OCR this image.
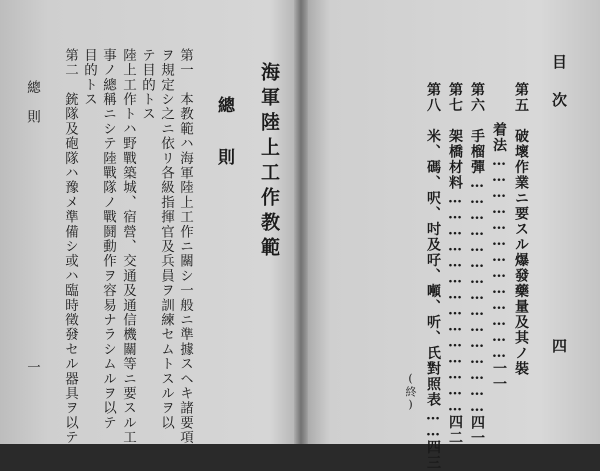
總　則
一 第二　銃隊及砲隊ハ豫メ準備シ或ハ臨時徵發セル器具ヲ以テ 目的トス 事ノ總稱ニシテ陸戰隊ノ戰鬪動作ヲ容易ナラシムルヲ以テ 陸上工作トハ野戰築城、宿營、交通及通信機關等ニ要スル工 テ目的トス ヲ規定シ之ニ依リ各級指揮官及兵員ヲ訓練セムトスルヲ以 第一　本教範ハ海軍陸上工作ニ關シ一般ニ準據スヘキ諸要項 總　則 海軍陸上工作教範	第八　米、碼、呎、吋及吇、噸、听、氏對照表……四三
第七　架橋材料……………………………………四二
第六　手榴彈………………………………………四一
着法…………………………………一一 第五　破壞作業ニ要スル爆發藥量及其ノ裝 目　次
四
(終)
